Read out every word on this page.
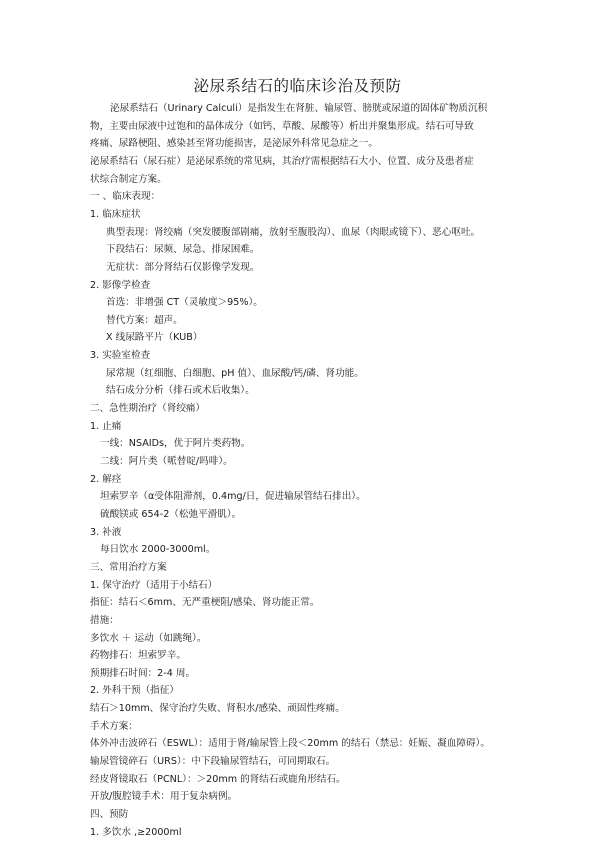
泌尿系结石的临床诊治及预防
泌尿系结石（Urinary Calculi）是指发生在肾脏、输尿管、膀胱或尿道的固体矿物质沉积
物，主要由尿液中过饱和的晶体成分（如钙、草酸、尿酸等）析出并聚集形成。结石可导致
疼痛、尿路梗阻、感染甚至肾功能损害，是泌尿外科常见急症之一。
泌尿系结石（尿石症）是泌尿系统的常见病，其治疗需根据结石大小、位置、成分及患者症
状综合制定方案。
一 、临床表现：
1. 临床症状
典型表现：肾绞痛（突发腰腹部剧痛，放射至腹股沟）、血尿（肉眼或镜下）、恶心呕吐。
下段结石：尿频、尿急、排尿困难。
无症状：部分肾结石仅影像学发现。
2. 影像学检查
首选：非增强 CT（灵敏度＞95%）。
替代方案：超声。
X 线尿路平片（KUB）
3. 实验室检查
尿常规（红细胞、白细胞、pH 值）、血尿酸/钙/磷、肾功能。
结石成分分析（排石或术后收集）。
二、急性期治疗（肾绞痛）
1. 止痛
一线：NSAIDs，优于阿片类药物。
二线：阿片类（哌替啶/吗啡）。
2. 解痉
坦索罗辛（α受体阻滞剂，0.4mg/日，促进输尿管结石排出）。
硫酸镁或 654-2（松弛平滑肌）。
3. 补液
每日饮水 2000-3000ml。
三、常用治疗方案
1. 保守治疗（适用于小结石）
指征：结石＜6mm、无严重梗阻/感染、肾功能正常。
措施：
多饮水 ＋ 运动（如跳绳）。
药物排石：坦索罗辛。
预期排石时间：2-4 周。
2. 外科干预（指征）
结石＞10mm、保守治疗失败、肾积水/感染、顽固性疼痛。
手术方案：
体外冲击波碎石（ESWL）：适用于肾/输尿管上段＜20mm 的结石（禁忌：妊娠、凝血障碍）。
输尿管镜碎石（URS）：中下段输尿管结石，可同期取石。
经皮肾镜取石（PCNL）：＞20mm 的肾结石或鹿角形结石。
开放/腹腔镜手术：用于复杂病例。
四、预防
1. 多饮水 ,≥2000ml
